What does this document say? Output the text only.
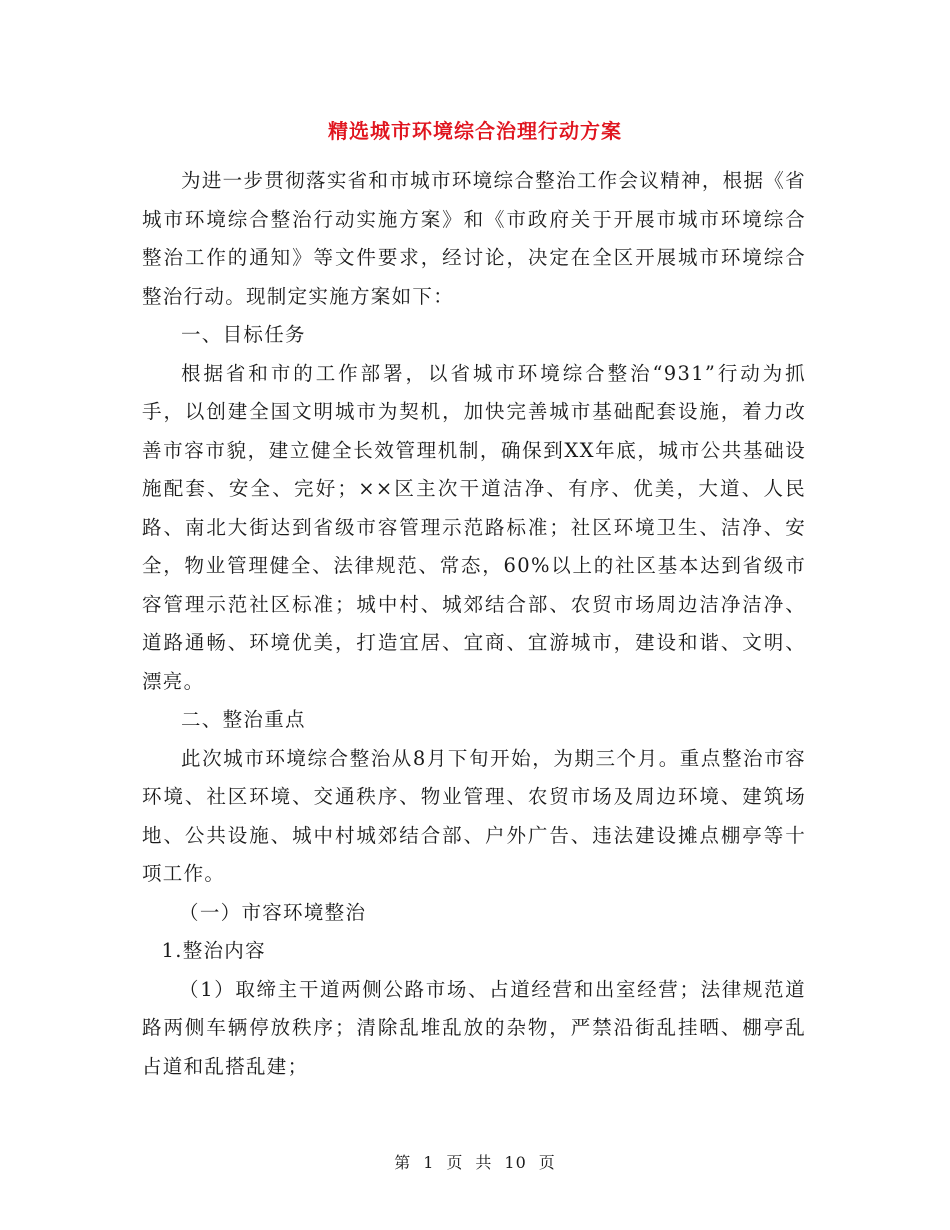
精选城市环境综合治理行动方案

为进一步贯彻落实省和市城市环境综合整治工作会议精神，根据《省城市环境综合整治行动实施方案》和《市政府关于开展市城市环境综合整治工作的通知》等文件要求，经讨论，决定在全区开展城市环境综合整治行动。现制定实施方案如下：

一、目标任务

根据省和市的工作部署，以省城市环境综合整治“931”行动为抓手，以创建全国文明城市为契机，加快完善城市基础配套设施，着力改善市容市貌，建立健全长效管理机制，确保到XX年底，城市公共基础设施配套、安全、完好；××区主次干道洁净、有序、优美，大道、人民路、南北大街达到省级市容管理示范路标准；社区环境卫生、洁净、安全，物业管理健全、法律规范、常态，60%以上的社区基本达到省级市容管理示范社区标准；城中村、城郊结合部、农贸市场周边洁净洁净、道路通畅、环境优美，打造宜居、宜商、宜游城市，建设和谐、文明、漂亮。

二、整治重点

此次城市环境综合整治从8月下旬开始，为期三个月。重点整治市容环境、社区环境、交通秩序、物业管理、农贸市场及周边环境、建筑场地、公共设施、城中村城郊结合部、户外广告、违法建设摊点棚亭等十项工作。

（一）市容环境整治

1.整治内容

（1）取缔主干道两侧公路市场、占道经营和出室经营；法律规范道路两侧车辆停放秩序；清除乱堆乱放的杂物，严禁沿街乱挂晒、棚亭乱占道和乱搭乱建；

第 1 页 共 10 页
